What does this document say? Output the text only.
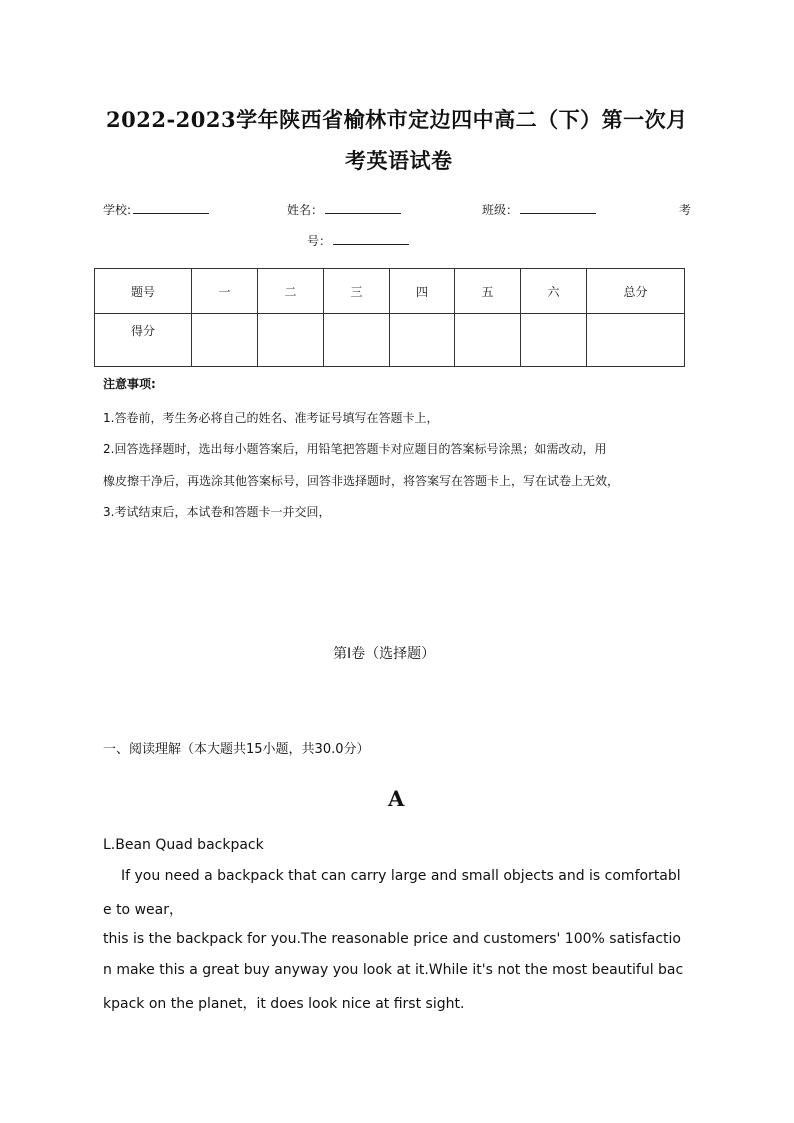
2022-2023学年陕西省榆林市定边四中高二（下）第一次月
考英语试卷
学校:	姓名：	班级：	考
号：
题号	一	二	三	四	五	六	总分
得分							
注意事项:
1.答卷前，考生务必将自己的姓名、准考证号填写在答题卡上，
2.回答选择题时，选出每小题答案后，用铅笔把答题卡对应题目的答案标号涂黑；如需改动，用
橡皮擦干净后，再选涂其他答案标号，回答非选择题时，将答案写在答题卡上，写在试卷上无效，
3.考试结束后，本试卷和答题卡一并交回，
第Ⅰ卷（选择题）
一、阅读理解（本大题共15小题，共30.0分）
A
L.Bean Quad backpack
If you need a backpack that can carry large and small objects and is comfortabl
e to wear，
this is the backpack for you.The reasonable price and customers' 100% satisfactio
n make this a great buy anyway you look at it.While it's not the most beautiful bac
kpack on the planet，it does look nice at first sight.
